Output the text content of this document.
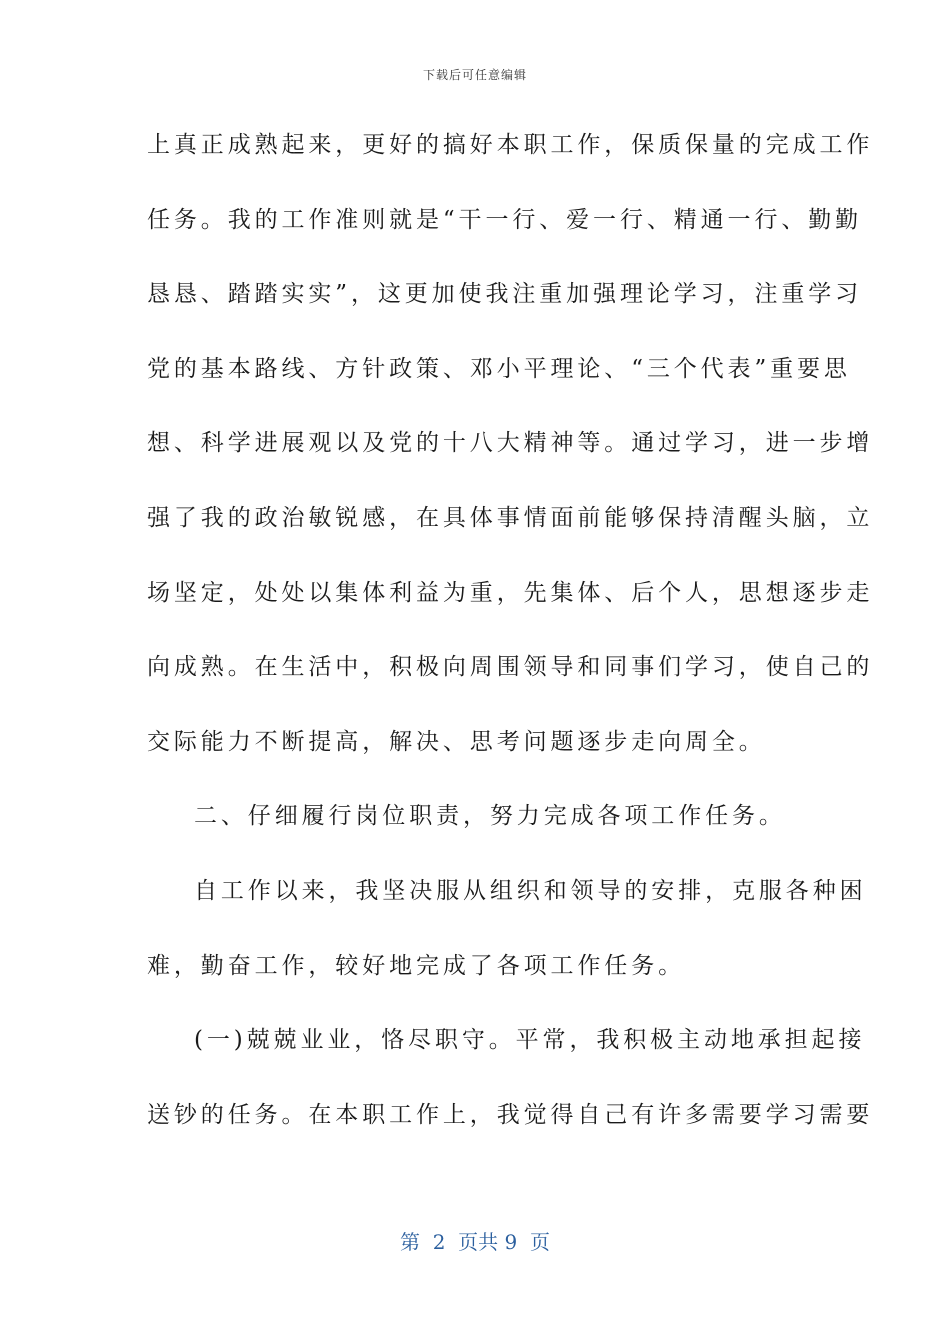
下载后可任意编辑
上真正成熟起来，更好的搞好本职工作，保质保量的完成工作
任务。我的工作准则就是“干一行、爱一行、精通一行、勤勤
恳恳、踏踏实实”，这更加使我注重加强理论学习，注重学习
党的基本路线、方针政策、邓小平理论、“三个代表”重要思
想、科学进展观以及党的十八大精神等。通过学习，进一步增
强了我的政治敏锐感，在具体事情面前能够保持清醒头脑，立
场坚定，处处以集体利益为重，先集体、后个人，思想逐步走
向成熟。在生活中，积极向周围领导和同事们学习，使自己的
交际能力不断提高，解决、思考问题逐步走向周全。
二、仔细履行岗位职责，努力完成各项工作任务。
自工作以来，我坚决服从组织和领导的安排，克服各种困
难，勤奋工作，较好地完成了各项工作任务。
(一)兢兢业业，恪尽职守。平常，我积极主动地承担起接
送钞的任务。在本职工作上，我觉得自己有许多需要学习需要
第  2  页共 9  页
